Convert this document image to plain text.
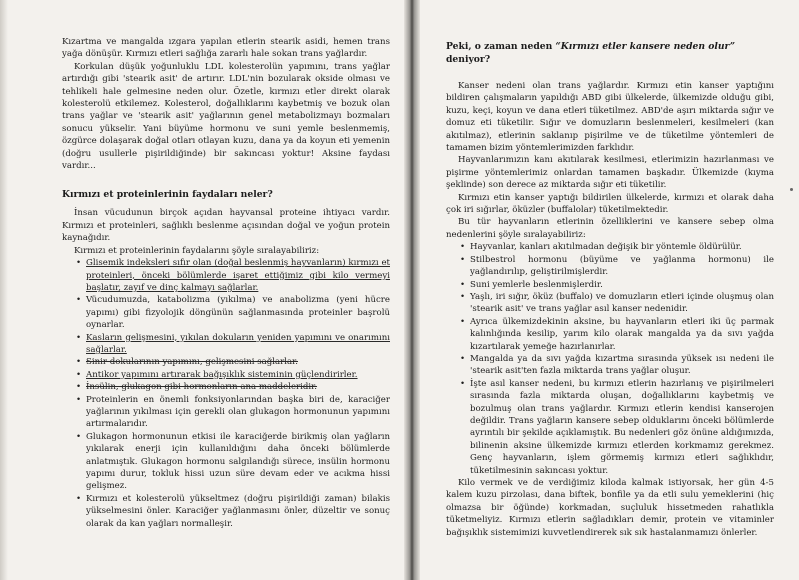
Kızartma ve mangalda ızgara yapılan etlerin stearik asidi, hemen trans yağa dönüşür. Kırmızı etleri sağlığa zararlı hale sokan trans yağlardır.

Korkulan düşük yoğunluklu LDL kolesterolün yapımını, trans yağlar artırdığı gibi 'stearik asit' de artırır. LDL'nin bozularak okside olması ve tehlikeli hale gelmesine neden olur. Özetle, kırmızı etler direkt olarak kolesterolü etkilemez. Kolesterol, doğallıklarını kaybetmiş ve bozuk olan trans yağlar ve 'stearik asit' yağlarının genel metabolizmayı bozmaları sonucu yükselir. Yani büyüme hormonu ve suni yemle beslenmemiş, özgürce dolaşarak doğal otları otlayan kuzu, dana ya da koyun eti yemenin (doğru usullerle pişirildiğinde) bir sakıncası yoktur! Aksine faydası vardır...

Kırmızı et proteinlerinin faydaları neler?

İnsan vücudunun birçok açıdan hayvansal proteine ihtiyacı vardır. Kırmızı et proteinleri, sağlıklı beslenme açısından doğal ve yoğun protein kaynağıdır.

Kırmızı et proteinlerinin faydalarını şöyle sıralayabiliriz:

• Glisemik indeksleri sıfır olan (doğal beslenmiş hayvanların) kırmızı et proteinleri, önceki bölümlerde işaret ettiğimiz gibi kilo vermeyi başlatır, zayıf ve dinç kalmayı sağlarlar.
• Vücudumuzda, katabolizma (yıkılma) ve anabolizma (yeni hücre yapımı) gibi fizyolojik döngünün sağlanmasında proteinler başrolü oynarlar.
• Kasların gelişmesini, yıkılan dokuların yeniden yapımını ve onarımını sağlarlar.
• Sinir dokularının yapımını, gelişmesini sağlarlar.
• Antikor yapımını artırarak bağışıklık sisteminin güçlendirirler.
• İnsülin, glukagon gibi hormonların ana maddeleridir.
• Proteinlerin en önemli fonksiyonlarından başka biri de, karaciğer yağlarının yıkılması için gerekli olan glukagon hormonunun yapımını artırmalarıdır.
• Glukagon hormonunun etkisi ile karaciğerde birikmiş olan yağların yıkılarak enerji için kullanıldığını daha önceki bölümlerde anlatmıştık. Glukagon hormonu salgılandığı sürece, insülin hormonu yapımı durur, tokluk hissi uzun süre devam eder ve acıkma hissi gelişmez.
• Kırmızı et kolesterolü yükseltmez (doğru pişirildiği zaman) bilakis yükselmesini önler. Karaciğer yağlanmasını önler, düzeltir ve sonuç olarak da kan yağları normalleşir.
Peki, o zaman neden “Kırmızı etler kansere neden olur” deniyor?

Kanser nedeni olan trans yağlardır. Kırmızı etin kanser yaptığını bildiren çalışmaların yapıldığı ABD gibi ülkelerde, ülkemizde olduğu gibi, kuzu, keçi, koyun ve dana etleri tüketilmez. ABD'de aşırı miktarda sığır ve domuz eti tüketilir. Sığır ve domuzların beslenmeleri, kesilmeleri (kan akıtılmaz), etlerinin saklanıp pişirilme ve de tüketilme yöntemleri de tamamen bizim yöntemlerimizden farklıdır.

Hayvanlarımızın kanı akıtılarak kesilmesi, etlerimizin hazırlanması ve pişirme yöntemlerimiz onlardan tamamen başkadır. Ülkemizde (kıyma şeklinde) son derece az miktarda sığır eti tüketilir.

Kırmızı etin kanser yaptığı bildirilen ülkelerde, kırmızı et olarak daha çok iri sığırlar, öküzler (buffalolar) tüketilmektedir.

Bu tür hayvanların etlerinin özelliklerini ve kansere sebep olma nedenlerini şöyle sıralayabiliriz:

• Hayvanlar, kanları akıtılmadan değişik bir yöntemle öldürülür.
• Stilbestrol hormonu (büyüme ve yağlanma hormonu) ile yağlandırılıp, geliştirilmişlerdir.
• Suni yemlerle beslenmişlerdir.
• Yaşlı, iri sığır, öküz (buffalo) ve domuzların etleri içinde oluşmuş olan 'stearik asit' ve trans yağlar asıl kanser nedenidir.
• Ayrıca ülkemizdekinin aksine, bu hayvanların etleri iki üç parmak kalınlığında kesilip, yarım kilo olarak mangalda ya da sıvı yağda kızartılarak yemeğe hazırlanırlar.
• Mangalda ya da sıvı yağda kızartma sırasında yüksek ısı nedeni ile 'stearik asit'ten fazla miktarda trans yağlar oluşur.
• İşte asıl kanser nedeni, bu kırmızı etlerin hazırlanış ve pişirilmeleri sırasında fazla miktarda oluşan, doğallıklarını kaybetmiş ve bozulmuş olan trans yağlardır. Kırmızı etlerin kendisi kanserojen değildir. Trans yağların kansere sebep olduklarını önceki bölümlerde ayrıntılı bir şekilde açıklamıştık. Bu nedenleri göz önüne aldığımızda, bilinenin aksine ülkemizde kırmızı etlerden korkmamız gerekmez. Genç hayvanların, işlem görmemiş kırmızı etleri sağlıklıdır, tüketilmesinin sakıncası yoktur.

Kilo vermek ve de verdiğimiz kiloda kalmak istiyorsak, her gün 4-5 kalem kuzu pirzolası, dana biftek, bonfile ya da etli sulu yemeklerini (hiç olmazsa bir öğünde) korkmadan, suçluluk hissetmeden rahatlıkla tüketmeliyiz. Kırmızı etlerin sağladıkları demir, protein ve vitaminler bağışıklık sistemimizi kuvvetlendirerek sık sık hastalanmamızı önlerler.
